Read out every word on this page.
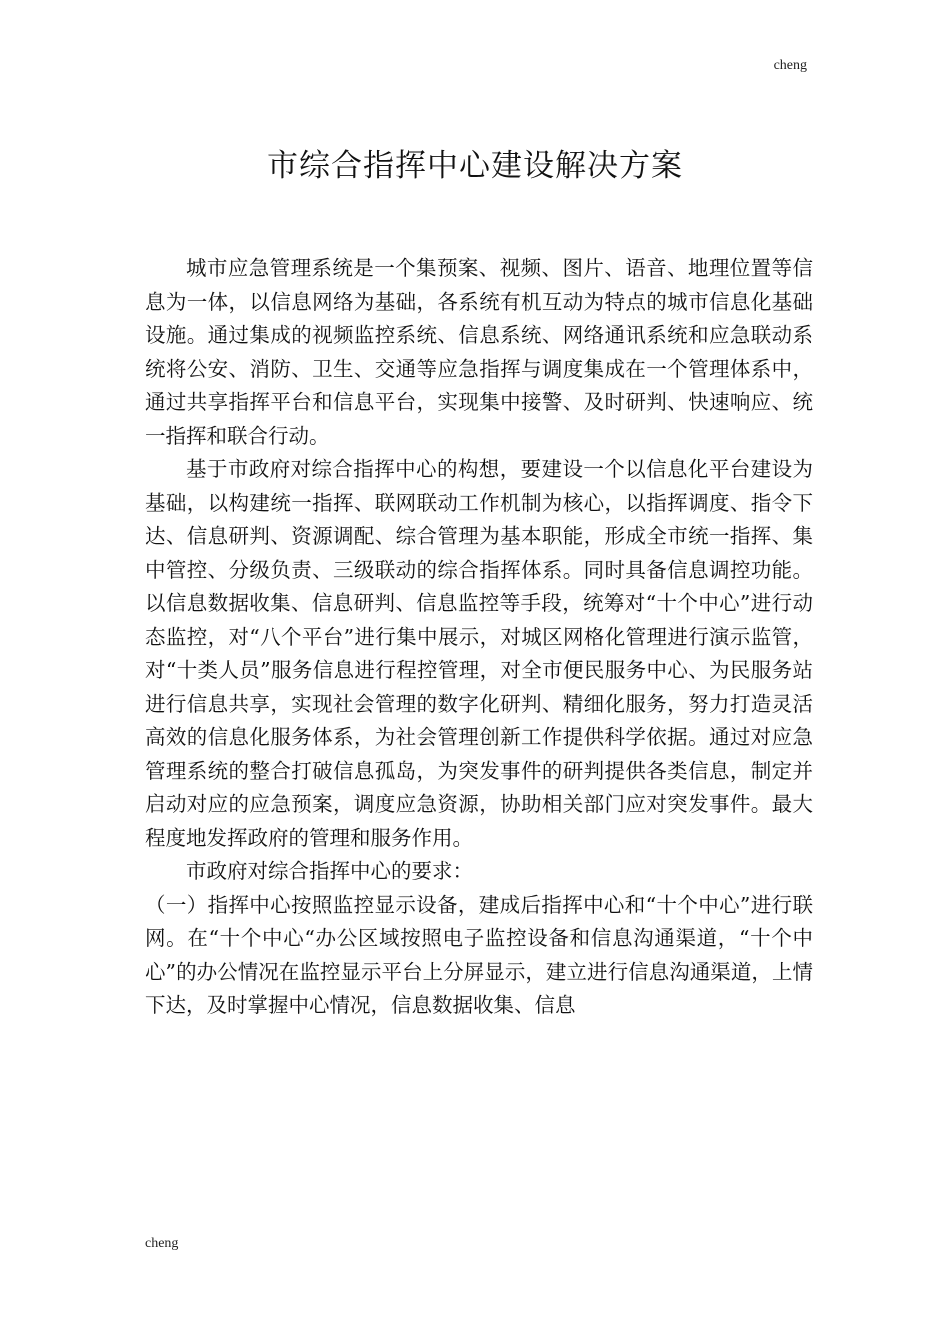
cheng
市综合指挥中心建设解决方案

城市应急管理系统是一个集预案、视频、图片、语音、地理位置等信息为一体，以信息网络为基础，各系统有机互动为特点的城市信息化基础设施。通过集成的视频监控系统、信息系统、网络通讯系统和应急联动系统将公安、消防、卫生、交通等应急指挥与调度集成在一个管理体系中，通过共享指挥平台和信息平台，实现集中接警、及时研判、快速响应、统一指挥和联合行动。

基于市政府对综合指挥中心的构想，要建设一个以信息化平台建设为基础，以构建统一指挥、联网联动工作机制为核心，以指挥调度、指令下达、信息研判、资源调配、综合管理为基本职能，形成全市统一指挥、集中管控、分级负责、三级联动的综合指挥体系。同时具备信息调控功能。以信息数据收集、信息研判、信息监控等手段，统筹对“十个中心”进行动态监控，对“八个平台”进行集中展示，对城区网格化管理进行演示监管，对“十类人员”服务信息进行程控管理，对全市便民服务中心、为民服务站进行信息共享，实现社会管理的数字化研判、精细化服务，努力打造灵活高效的信息化服务体系，为社会管理创新工作提供科学依据。通过对应急管理系统的整合打破信息孤岛，为突发事件的研判提供各类信息，制定并启动对应的应急预案，调度应急资源，协助相关部门应对突发事件。最大程度地发挥政府的管理和服务作用。

市政府对综合指挥中心的要求：

（一）指挥中心按照监控显示设备，建成后指挥中心和“十个中心”进行联网。在“十个中心“办公区域按照电子监控设备和信息沟通渠道，“十个中心”的办公情况在监控显示平台上分屏显示，建立进行信息沟通渠道，上情下达，及时掌握中心情况，信息数据收集、信息

cheng
